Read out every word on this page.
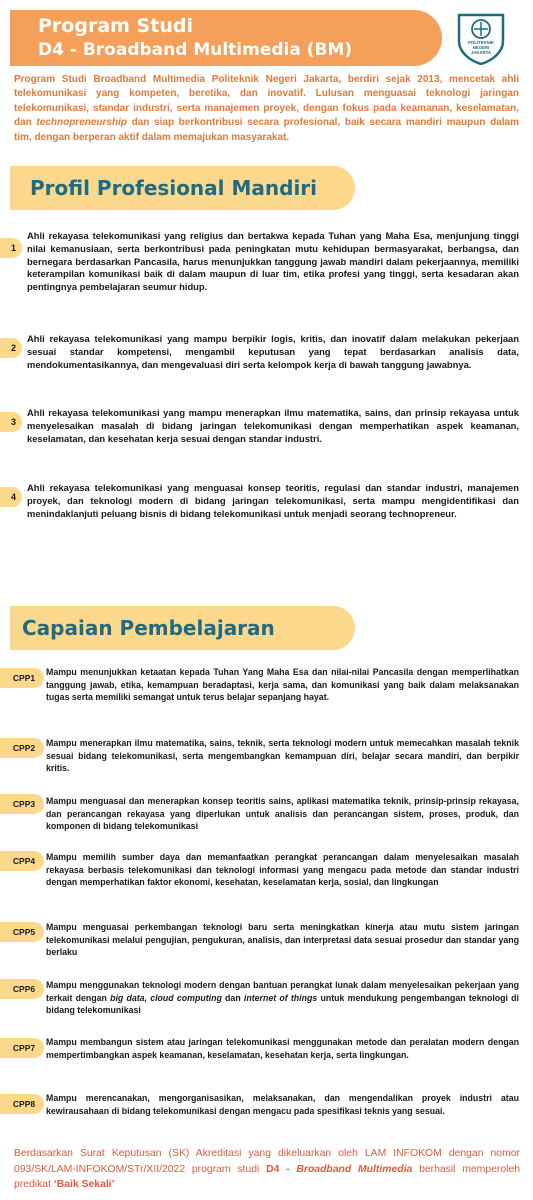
Program Studi
D4 - Broadband Multimedia (BM)	POLITEKNIK
NEGERI
JAKARTA
Program Studi Broadband Multimedia Politeknik Negeri Jakarta, berdiri sejak 2013, mencetak ahli telekomunikasi yang kompeten, beretika, dan inovatif. Lulusan menguasai teknologi jaringan telekomunikasi, standar industri, serta manajemen proyek, dengan fokus pada keamanan, keselamatan, dan technopreneurship dan siap berkontribusi secara profesional, baik secara mandiri maupun dalam tim, dengan berperan aktif dalam memajukan masyarakat.
Profil Profesional Mandiri
1
Ahli rekayasa telekomunikasi yang religius dan bertakwa kepada Tuhan yang Maha Esa, menjunjung tinggi nilai kemanusiaan, serta berkontribusi pada peningkatan mutu kehidupan bermasyarakat, berbangsa, dan bernegara berdasarkan Pancasila, harus menunjukkan tanggung jawab mandiri dalam pekerjaannya, memiliki keterampilan komunikasi baik di dalam maupun di luar tim, etika profesi yang tinggi, serta kesadaran akan pentingnya pembelajaran seumur hidup.
2
Ahli rekayasa telekomunikasi yang mampu berpikir logis, kritis, dan inovatif dalam melakukan pekerjaan sesuai standar kompetensi, mengambil keputusan yang tepat berdasarkan analisis data, mendokumentasikannya, dan mengevaluasi diri serta kelompok kerja di bawah tanggung jawabnya.
3
Ahli rekayasa telekomunikasi yang mampu menerapkan ilmu matematika, sains, dan prinsip rekayasa untuk menyelesaikan masalah di bidang jaringan telekomunikasi dengan memperhatikan aspek keamanan, keselamatan, dan kesehatan kerja sesuai dengan standar industri.
4
Ahli rekayasa telekomunikasi yang menguasai konsep teoritis, regulasi dan standar industri, manajemen proyek, dan teknologi modern di bidang jaringan telekomunikasi, serta mampu mengidentifikasi dan menindaklanjuti peluang bisnis di bidang telekomunikasi untuk menjadi seorang technopreneur.
Capaian Pembelajaran
CPP1
Mampu menunjukkan ketaatan kepada Tuhan Yang Maha Esa dan nilai-nilai Pancasila dengan memperlihatkan tanggung jawab, etika, kemampuan beradaptasi, kerja sama, dan komunikasi yang baik dalam melaksanakan tugas serta memiliki semangat untuk terus belajar sepanjang hayat.
CPP2	Mampu menerapkan ilmu matematika, sains, teknik, serta teknologi modern untuk memecahkan masalah teknik sesuai bidang telekomunikasi, serta mengembangkan kemampuan diri, belajar secara mandiri, dan berpikir kritis.
CPP3	Mampu menguasai dan menerapkan konsep teoritis sains, aplikasi matematika teknik, prinsip-prinsip rekayasa, dan perancangan rekayasa yang diperlukan untuk analisis dan perancangan sistem, proses, produk, dan komponen di bidang telekomunikasi
CPP4	Mampu memilih sumber daya dan memanfaatkan perangkat perancangan dalam menyelesaikan masalah rekayasa berbasis telekomunikasi dan teknologi informasi yang mengacu pada metode dan standar industri dengan memperhatikan faktor ekonomi, kesehatan, keselamatan kerja, sosial, dan lingkungan
CPP5	Mampu menguasai perkembangan teknologi baru serta meningkatkan kinerja atau mutu sistem jaringan telekomunikasi melalui pengujian, pengukuran, analisis, dan interpretasi data sesuai prosedur dan standar yang berlaku
CPP6	Mampu menggunakan teknologi modern dengan bantuan perangkat lunak dalam menyelesaikan pekerjaan yang terkait dengan big data, cloud computing dan internet of things untuk mendukung pengembangan teknologi di bidang telekomunikasi
CPP7
Mampu membangun sistem atau jaringan telekomunikasi menggunakan metode dan peralatan modern dengan mempertimbangkan aspek keamanan, keselamatan, kesehatan kerja, serta lingkungan.
CPP8
Mampu merencanakan, mengorganisasikan, melaksanakan, dan mengendalikan proyek industri atau kewirausahaan di bidang telekomunikasi dengan mengacu pada spesifikasi teknis yang sesuai.
Berdasarkan Surat Keputusan (SK) Akreditasi yang dikeluarkan oleh LAM INFOKOM dengan nomor 093/SK/LAM-INFOKOM/STr/XII/2022 program studi D4 - Broadband Multimedia berhasil memperoleh predikat ‘Baik Sekali’
